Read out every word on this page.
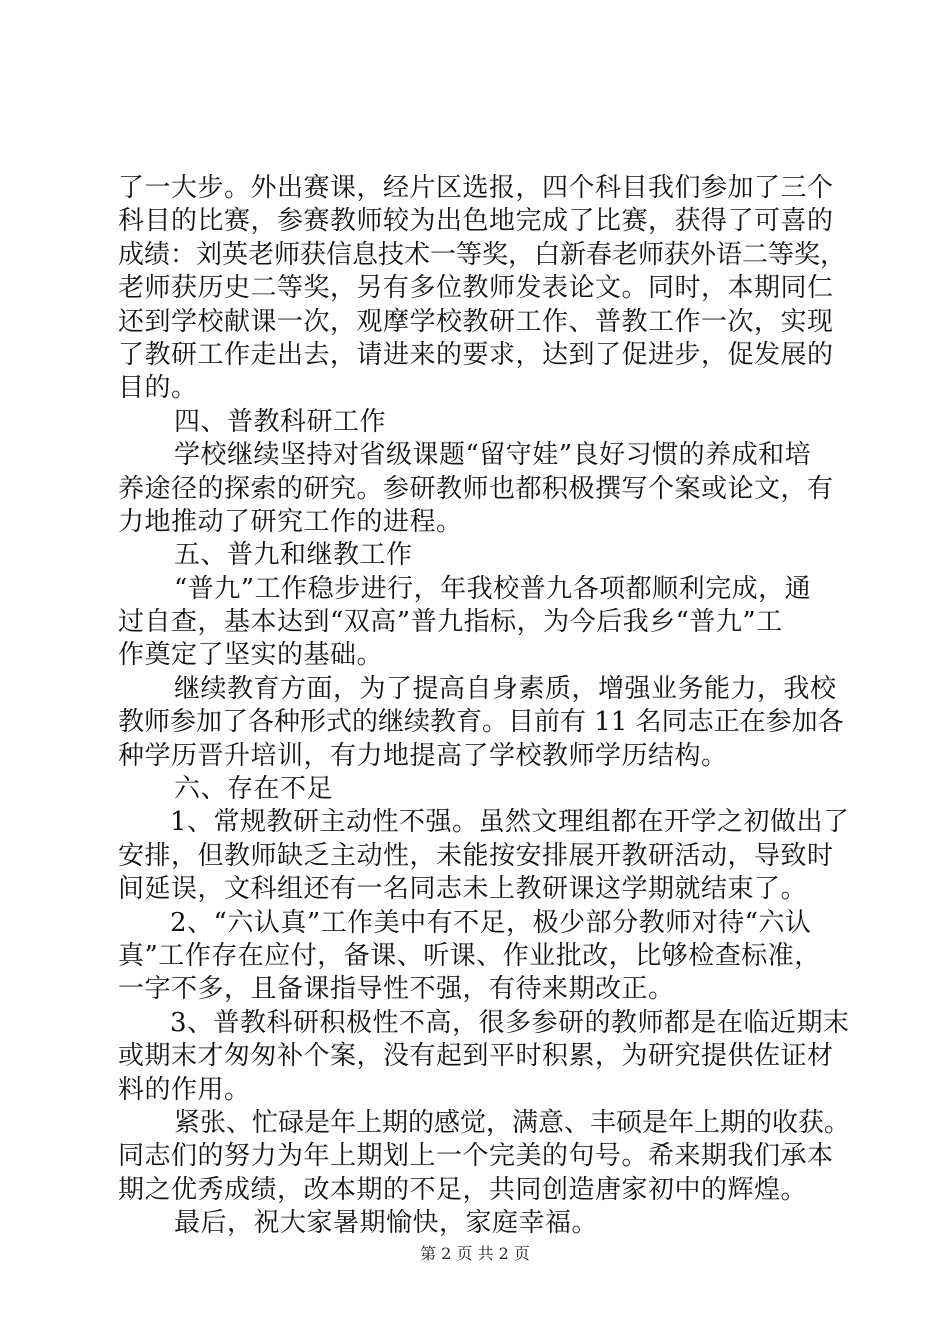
了一大步。外出赛课，经片区选报，四个科目我们参加了三个
科目的比赛，参赛教师较为出色地完成了比赛，获得了可喜的
成绩：刘英老师获信息技术一等奖，白新春老师获外语二等奖，
老师获历史二等奖，另有多位教师发表论文。同时，本期同仁
还到学校献课一次，观摩学校教研工作、普教工作一次，实现
了教研工作走出去，请进来的要求，达到了促进步，促发展的
目的。
四、普教科研工作
学校继续坚持对省级课题“留守娃”良好习惯的养成和培
养途径的探索的研究。参研教师也都积极撰写个案或论文，有
力地推动了研究工作的进程。
五、普九和继教工作
“普九”工作稳步进行，年我校普九各项都顺利完成，通
过自查，基本达到“双高”普九指标，为今后我乡“普九”工
作奠定了坚实的基础。
继续教育方面，为了提高自身素质，增强业务能力，我校
教师参加了各种形式的继续教育。目前有 11 名同志正在参加各
种学历晋升培训，有力地提高了学校教师学历结构。
六、存在不足
1、常规教研主动性不强。虽然文理组都在开学之初做出了
安排，但教师缺乏主动性，未能按安排展开教研活动，导致时
间延误，文科组还有一名同志未上教研课这学期就结束了。
2、“六认真”工作美中有不足，极少部分教师对待“六认
真”工作存在应付，备课、听课、作业批改，比够检查标准，
一字不多，且备课指导性不强，有待来期改正。
3、普教科研积极性不高，很多参研的教师都是在临近期末
或期末才匆匆补个案，没有起到平时积累，为研究提供佐证材
料的作用。
紧张、忙碌是年上期的感觉，满意、丰硕是年上期的收获。
同志们的努力为年上期划上一个完美的句号。希来期我们承本
期之优秀成绩，改本期的不足，共同创造唐家初中的辉煌。
最后，祝大家暑期愉快，家庭幸福。
第 2 页 共 2 页
